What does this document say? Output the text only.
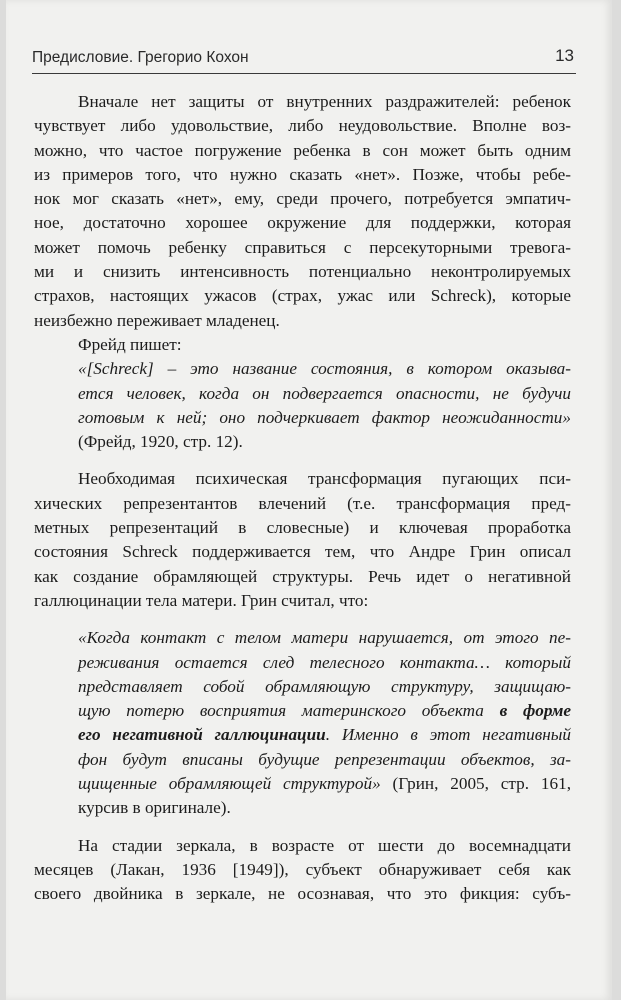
Предисловие. Грегорио Кохон	13
Вначале нет защиты от внутренних раздражителей: ребенок
чувствует либо удовольствие, либо неудовольствие. Вполне воз-
можно, что частое погружение ребенка в сон может быть одним
из примеров того, что нужно сказать «нет». Позже, чтобы ребе-
нок мог сказать «нет», ему, среди прочего, потребуется эмпатич-
ное, достаточно хорошее окружение для поддержки, которая
может помочь ребенку справиться с персекуторными тревога-
ми и снизить интенсивность потенциально неконтролируемых
страхов, настоящих ужасов (страх, ужас или Schreck), которые
неизбежно переживает младенец.
Фрейд пишет:
«[Schreck] – это название состояния, в котором оказыва-
ется человек, когда он подвергается опасности, не будучи
готовым к ней; оно подчеркивает фактор неожиданности»
(Фрейд, 1920, стр. 12).
Необходимая психическая трансформация пугающих пси-
хических репрезентантов влечений (т.е. трансформация пред-
метных репрезентаций в словесные) и ключевая проработка
состояния Schreck поддерживается тем, что Андре Грин описал
как создание обрамляющей структуры. Речь идет о негативной
галлюцинации тела матери. Грин считал, что:
«Когда контакт с телом матери нарушается, от этого пе-
реживания остается след телесного контакта… который
представляет собой обрамляющую структуру, защищаю-
щую потерю восприятия материнского объекта в форме
его негативной галлюцинации. Именно в этот негативный
фон будут вписаны будущие репрезентации объектов, за-
щищенные обрамляющей структурой» (Грин, 2005, стр. 161,
курсив в оригинале).
На стадии зеркала, в возрасте от шести до восемнадцати
месяцев (Лакан, 1936 [1949]), субъект обнаруживает себя как
своего двойника в зеркале, не осознавая, что это фикция: субъ-
